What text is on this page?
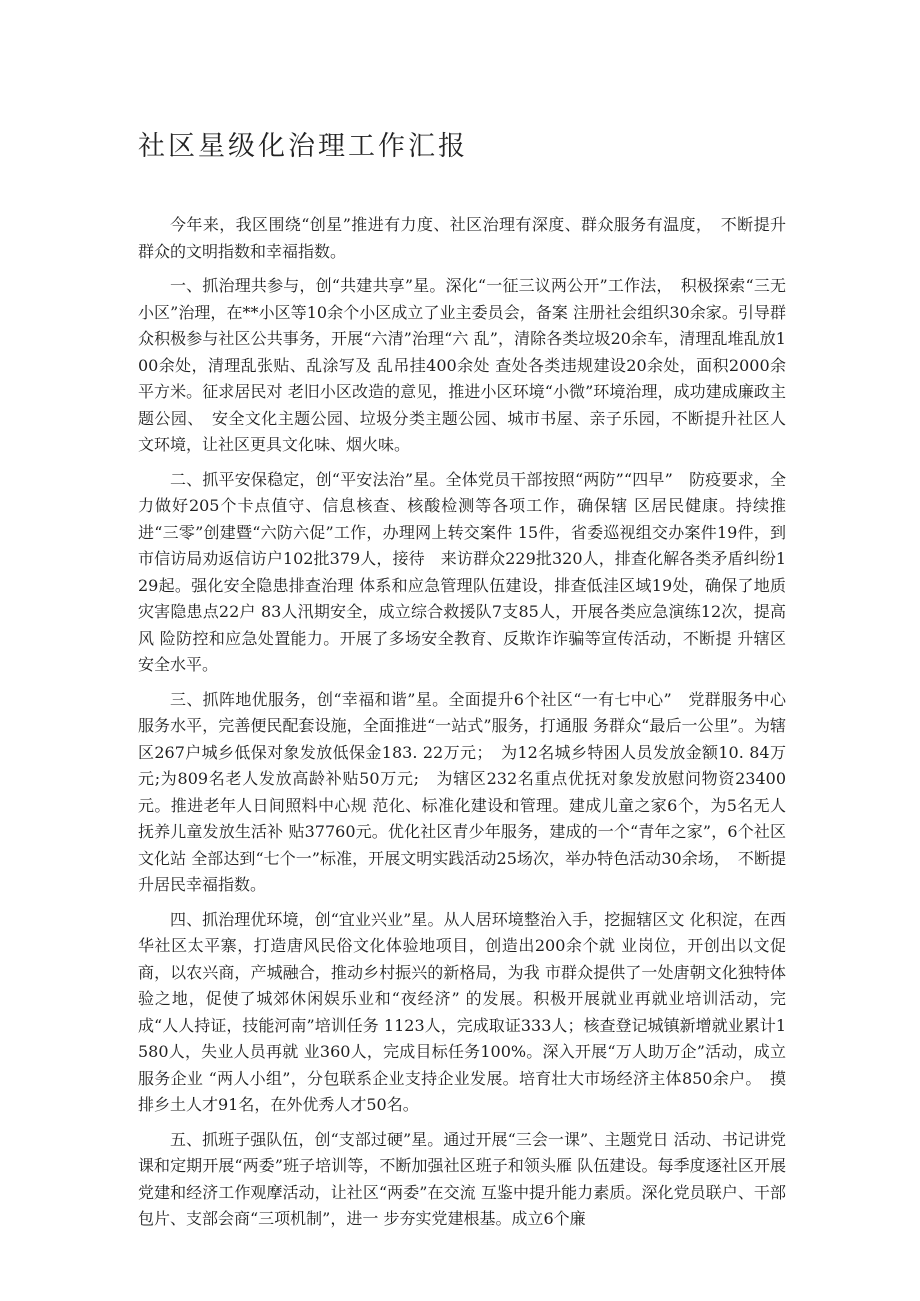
社区星级化治理工作汇报

今年来，我区围绕“创星”推进有力度、社区治理有深度、群众服务有温度，　不断提升群众的文明指数和幸福指数。

一、抓治理共参与，创“共建共享”星。深化“一征三议两公开”工作法，　积极探索“三无小区”治理，在**小区等10余个小区成立了业主委员会，备案 注册社会组织30余家。引导群众积极参与社区公共事务，开展“六清”治理“六 乱”，清除各类垃圾20余车，清理乱堆乱放100余处，清理乱张贴、乱涂写及 乱吊挂400余处 查处各类违规建设20余处，面积2000余平方米。征求居民对 老旧小区改造的意见，推进小区环境“小微”环境治理，成功建成廉政主题公园、　安全文化主题公园、垃圾分类主题公园、城市书屋、亲子乐园，不断提升社区人 文环境，让社区更具文化味、烟火味。

二、抓平安保稳定，创“平安法治”星。全体党员干部按照“两防”“四早”　防疫要求，全力做好205个卡点值守、信息核查、核酸检测等各项工作，确保辖 区居民健康。持续推进“三零”创建暨“六防六促”工作，办理网上转交案件 15件，省委巡视组交办案件19件，到市信访局劝返信访户102批379人，接待　来访群众229批320人，排查化解各类矛盾纠纷129起。强化安全隐患排查治理 体系和应急管理队伍建设，排查低洼区域19处，确保了地质灾害隐患点22户 83人汛期安全，成立综合救援队7支85人，开展各类应急演练12次，提高风 险防控和应急处置能力。开展了多场安全教育、反欺诈诈骗等宣传活动，不断提 升辖区安全水平。

三、抓阵地优服务，创“幸福和谐”星。全面提升6个社区“一有七中心”　党群服务中心服务水平，完善便民配套设施，全面推进“一站式”服务，打通服 务群众“最后一公里”。为辖区267户城乡低保对象发放低保金183. 22万元；　为12名城乡特困人员发放金额10. 84万元;为809名老人发放高龄补贴50万元;　为辖区232名重点优抚对象发放慰问物资23400元。推进老年人日间照料中心规 范化、标准化建设和管理。建成儿童之家6个，为5名无人抚养儿童发放生活补 贴37760元。优化社区青少年服务，建成的一个“青年之家”，6个社区文化站 全部达到“七个一”标准，开展文明实践活动25场次，举办特色活动30余场，　不断提升居民幸福指数。

四、抓治理优环境，创“宜业兴业”星。从人居环境整治入手，挖掘辖区文 化积淀，在西华社区太平寨，打造唐风民俗文化体验地项目，创造出200余个就 业岗位，开创出以文促商，以农兴商，产城融合，推动乡村振兴的新格局，为我 市群众提供了一处唐朝文化独特体验之地，促使了城郊休闲娱乐业和“夜经济” 的发展。积极开展就业再就业培训活动，完成“人人持证，技能河南”培训任务 1123人，完成取证333人；核查登记城镇新增就业累计1580人，失业人员再就 业360人，完成目标任务100%。深入开展“万人助万企”活动，成立服务企业 “两人小组”，分包联系企业支持企业发展。培育壮大市场经济主体850余户。　摸排乡土人才91名，在外优秀人才50名。

五、抓班子强队伍，创“支部过硬”星。通过开展“三会一课”、主题党日 活动、书记讲党课和定期开展“两委”班子培训等，不断加强社区班子和领头雁 队伍建设。每季度逐社区开展党建和经济工作观摩活动，让社区“两委”在交流 互鉴中提升能力素质。深化党员联户、干部包片、支部会商“三项机制”，进一 步夯实党建根基。成立6个廉
